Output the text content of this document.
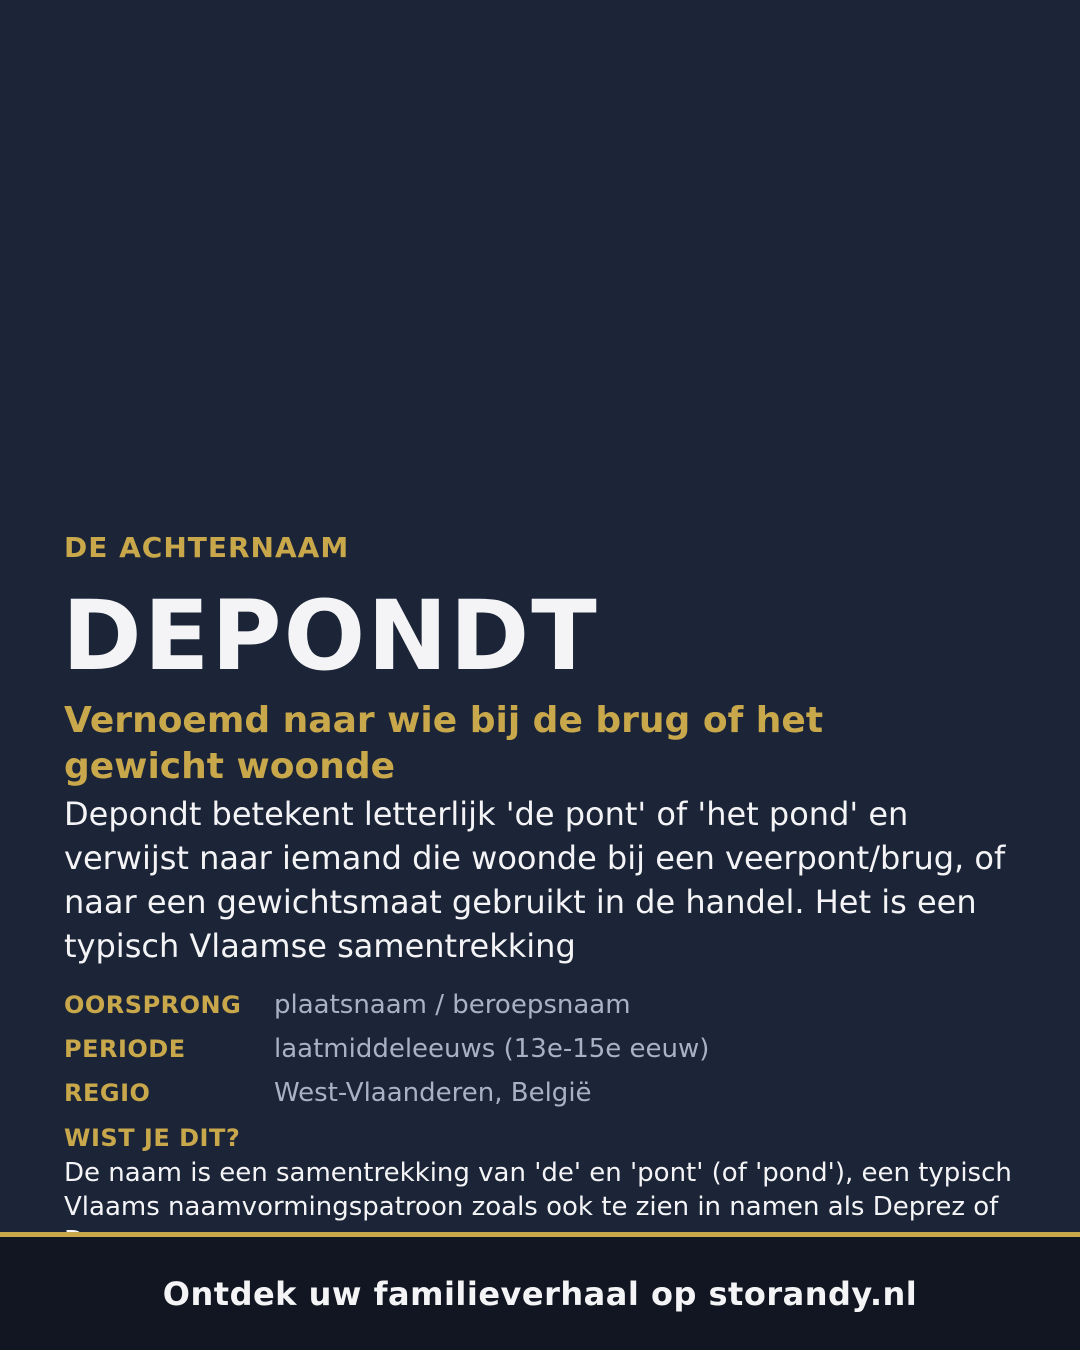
DE ACHTERNAAM
DEPONDT
Vernoemd naar wie bij de brug of het gewicht woonde
Depondt betekent letterlijk 'de pont' of 'het pond' en verwijst naar iemand die woonde bij een veerpont/brug, of naar een gewichtsmaat gebruikt in de handel. Het is een typisch Vlaamse samentrekking
OORSPRONG	plaatsnaam / beroepsnaam
PERIODE	laatmiddeleeuws (13e-15e eeuw)
REGIO	West-Vlaanderen, België
WIST JE DIT?
De naam is een samentrekking van 'de' en 'pont' (of 'pond'), een typisch Vlaams naamvormingspatroon zoals ook te zien in namen als Deprez of
Ontdek uw familieverhaal op storandy.nl
